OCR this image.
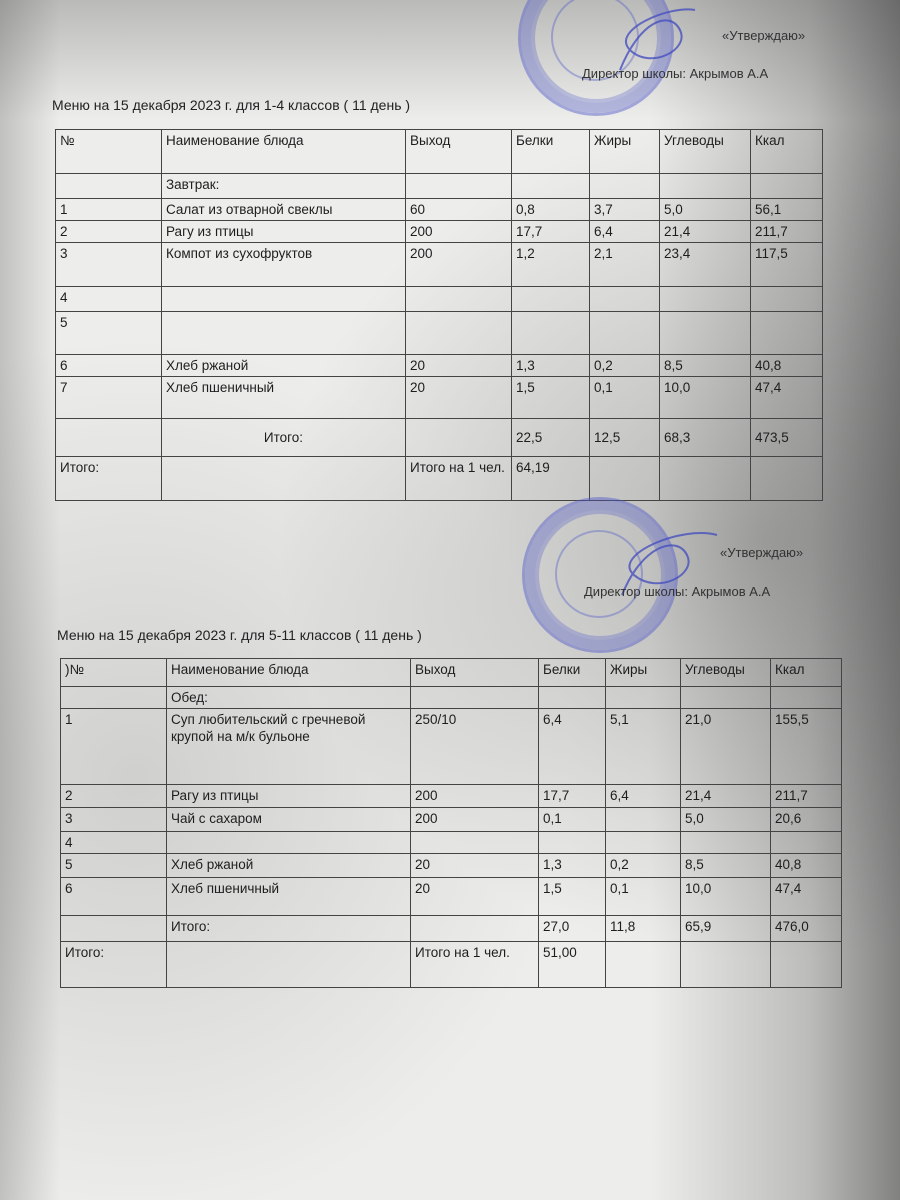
«Утверждаю»
Директор школы: Акрымов А.А
Меню на 15 декабря 2023 г. для 1-4 классов ( 11 день )
№	Наименование блюда	Выход	Белки	Жиры	Углеводы	Ккал
	Завтрак:					
1	Салат из отварной свеклы	60	0,8	3,7	5,0	56,1
2	Рагу из птицы	200	17,7	6,4	21,4	211,7
3	Компот из сухофруктов	200	1,2	2,1	23,4	117,5
4						
5						
6	Хлеб ржаной	20	1,3	0,2	8,5	40,8
7	Хлеб пшеничный	20	1,5	0,1	10,0	47,4
	Итого:		22,5	12,5	68,3	473,5
Итого:		Итого на 1 чел.	64,19			
«Утверждаю»
Директор школы: Акрымов А.А
Меню на 15 декабря 2023 г. для 5-11 классов ( 11 день )
)№	Наименование блюда	Выход	Белки	Жиры	Углеводы	Ккал
	Обед:					
1	Суп любительский с гречневой крупой на м/к бульоне	250/10	6,4	5,1	21,0	155,5
2	Рагу из птицы	200	17,7	6,4	21,4	211,7
3	Чай с сахаром	200	0,1		5,0	20,6
4						
5	Хлеб ржаной	20	1,3	0,2	8,5	40,8
6	Хлеб пшеничный	20	1,5	0,1	10,0	47,4
	Итого:		27,0	11,8	65,9	476,0
Итого:		Итого на 1 чел.	51,00			
